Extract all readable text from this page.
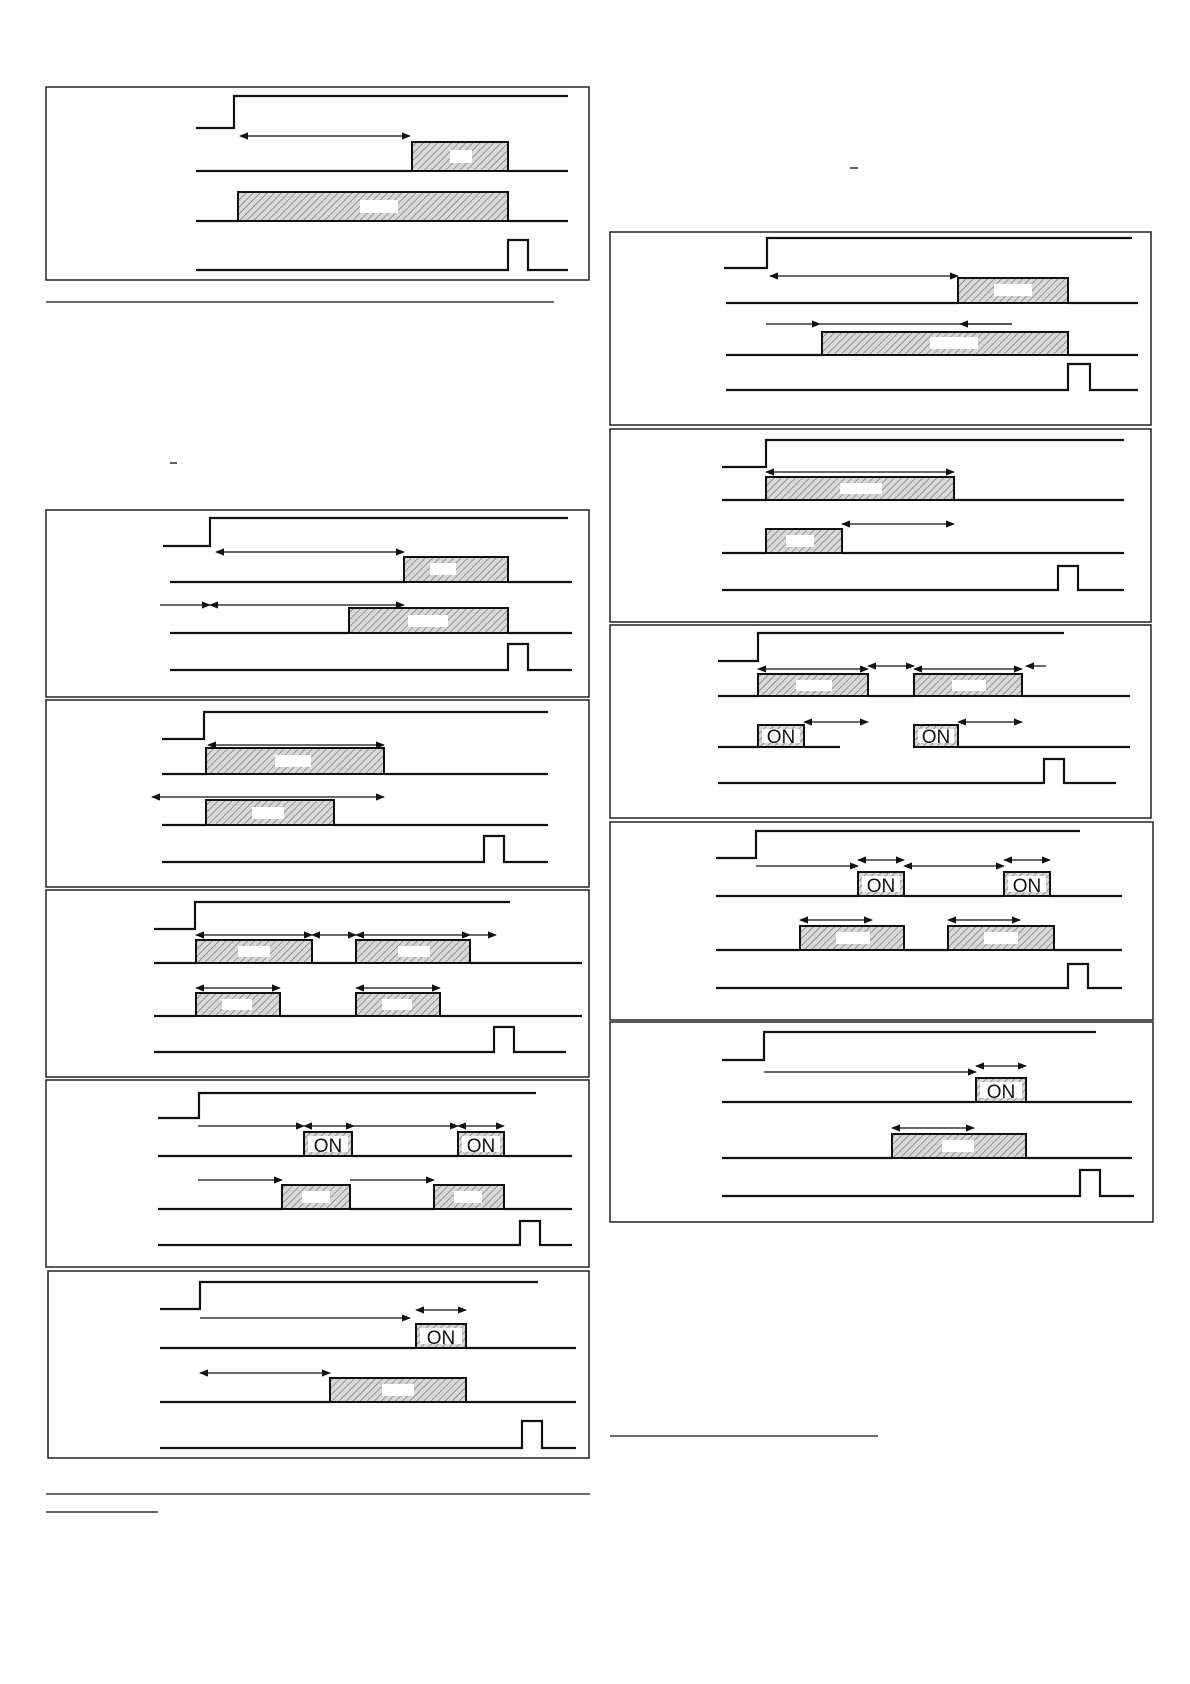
ON	ON
ON
ON	ON
ON	ON
ON
